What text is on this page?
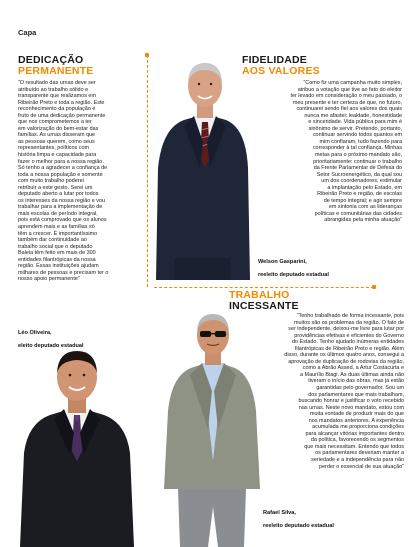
Capa
DEDICAÇÃO
PERMANENTE
“O resultado das urnas deve ser
atribuído ao trabalho sólido e
transparente que realizamos em
Ribeirão Preto e toda a região. Este
reconhecimento da população é
fruto de uma dedicação permanente
que nos comprometemos a ter
em valorização do bem-estar das
famílias. As urnas disseram que
as pessoas querem, como seus
representantes, políticos com
história limpa e capacidade para
fazer o melhor para a nossa região.
Só tenho a agradecer a confiança de
toda a nossa população e somente
com muito trabalho poderei
retribuir a este gesto. Serei um
deputado aberto a lutar por todos
os interesses da nossa região e vou
trabalhar para a implementação de
mais escolas de período integral,
pois está comprovado que os alunos
aprendem mais e as famílias só
têm a crescer. É importantíssimo
também dar continuidade ao
trabalho social que o deputado
Baleia têm feito em mais de 300
entidades filantrópicas da nossa
região. Essas instituições ajudam
milhares de pessoas e precisam ter o
nosso apoio permanente”

Léo Oliveira,

eleito deputado estadual

FIDELIDADE
AOS VALORES
“Como fiz uma campanha muito simples,
atribuo a votação que tive ao fato do eleitor
ter levado em consideração o meu passado, o
meu presente e ter certeza de que, no futuro,
continuarei sendo fiel aos valores dos quais
nunca me afastei: lealdade, honestidade
e sinceridade. Vida pública para mim é
sinônimo de servir. Pretendo, portanto,
continuar servindo todos quantos em
mim confiaram, tudo fazendo para
corresponder à tal confiança. Minhas
metas para o próximo mandato são,
prioritariamente: continuar o trabalho
da Frente Parlamentar de Defesa do
Setor Sucroenergético, da qual sou
um dos coordenadores; estimular
a implantação pelo Estado, em
Ribeirão Preto e região, de escolas
de tempo integral; e agir sempre
em sintonia com as lideranças
políticas e comunitárias das cidades
abrangidas pela minha atuação”

Welson Gasparini,

reeleito deputado estadual

TRABALHO
INCESSANTE
“Tenho trabalhado de forma incessante, pois
muitos são os problemas da região. O fato de
ser independente, deixou-me livre para lutar por
providências efetivas e eficientes do Governo
do Estado. Tenho ajudado inúmeras entidades
filantrópicas de Ribeirão Preto e região. Além
disso, durante os últimos quatro anos, consegui a
aprovação de duplicação de rodovias da região,
como a Abrão Assed, a Artur Costacurta e
a Maurílio Biagi. As duas últimas ainda não
tiveram o início das obras, mas já estão
garantidas pelo governador. Sou um
dos parlamentares que mais trabalham,
buscando honrar e justificar o voto recebido
nas urnas. Neste novo mandato, estou com
muita vontade de produzir mais do que
nos mandatos anteriores. A experiência
acumulada me proporciona condições
para alcançar vitórias importantes dentro
da política, favorecendo os segmentos
que mais necessitam. Entendo que todos
os parlamentares deveriam manter a
seriedade e a independência para não
perder o essencial de sua atuação”

Rafael Silva,

reeleito deputado estadual
